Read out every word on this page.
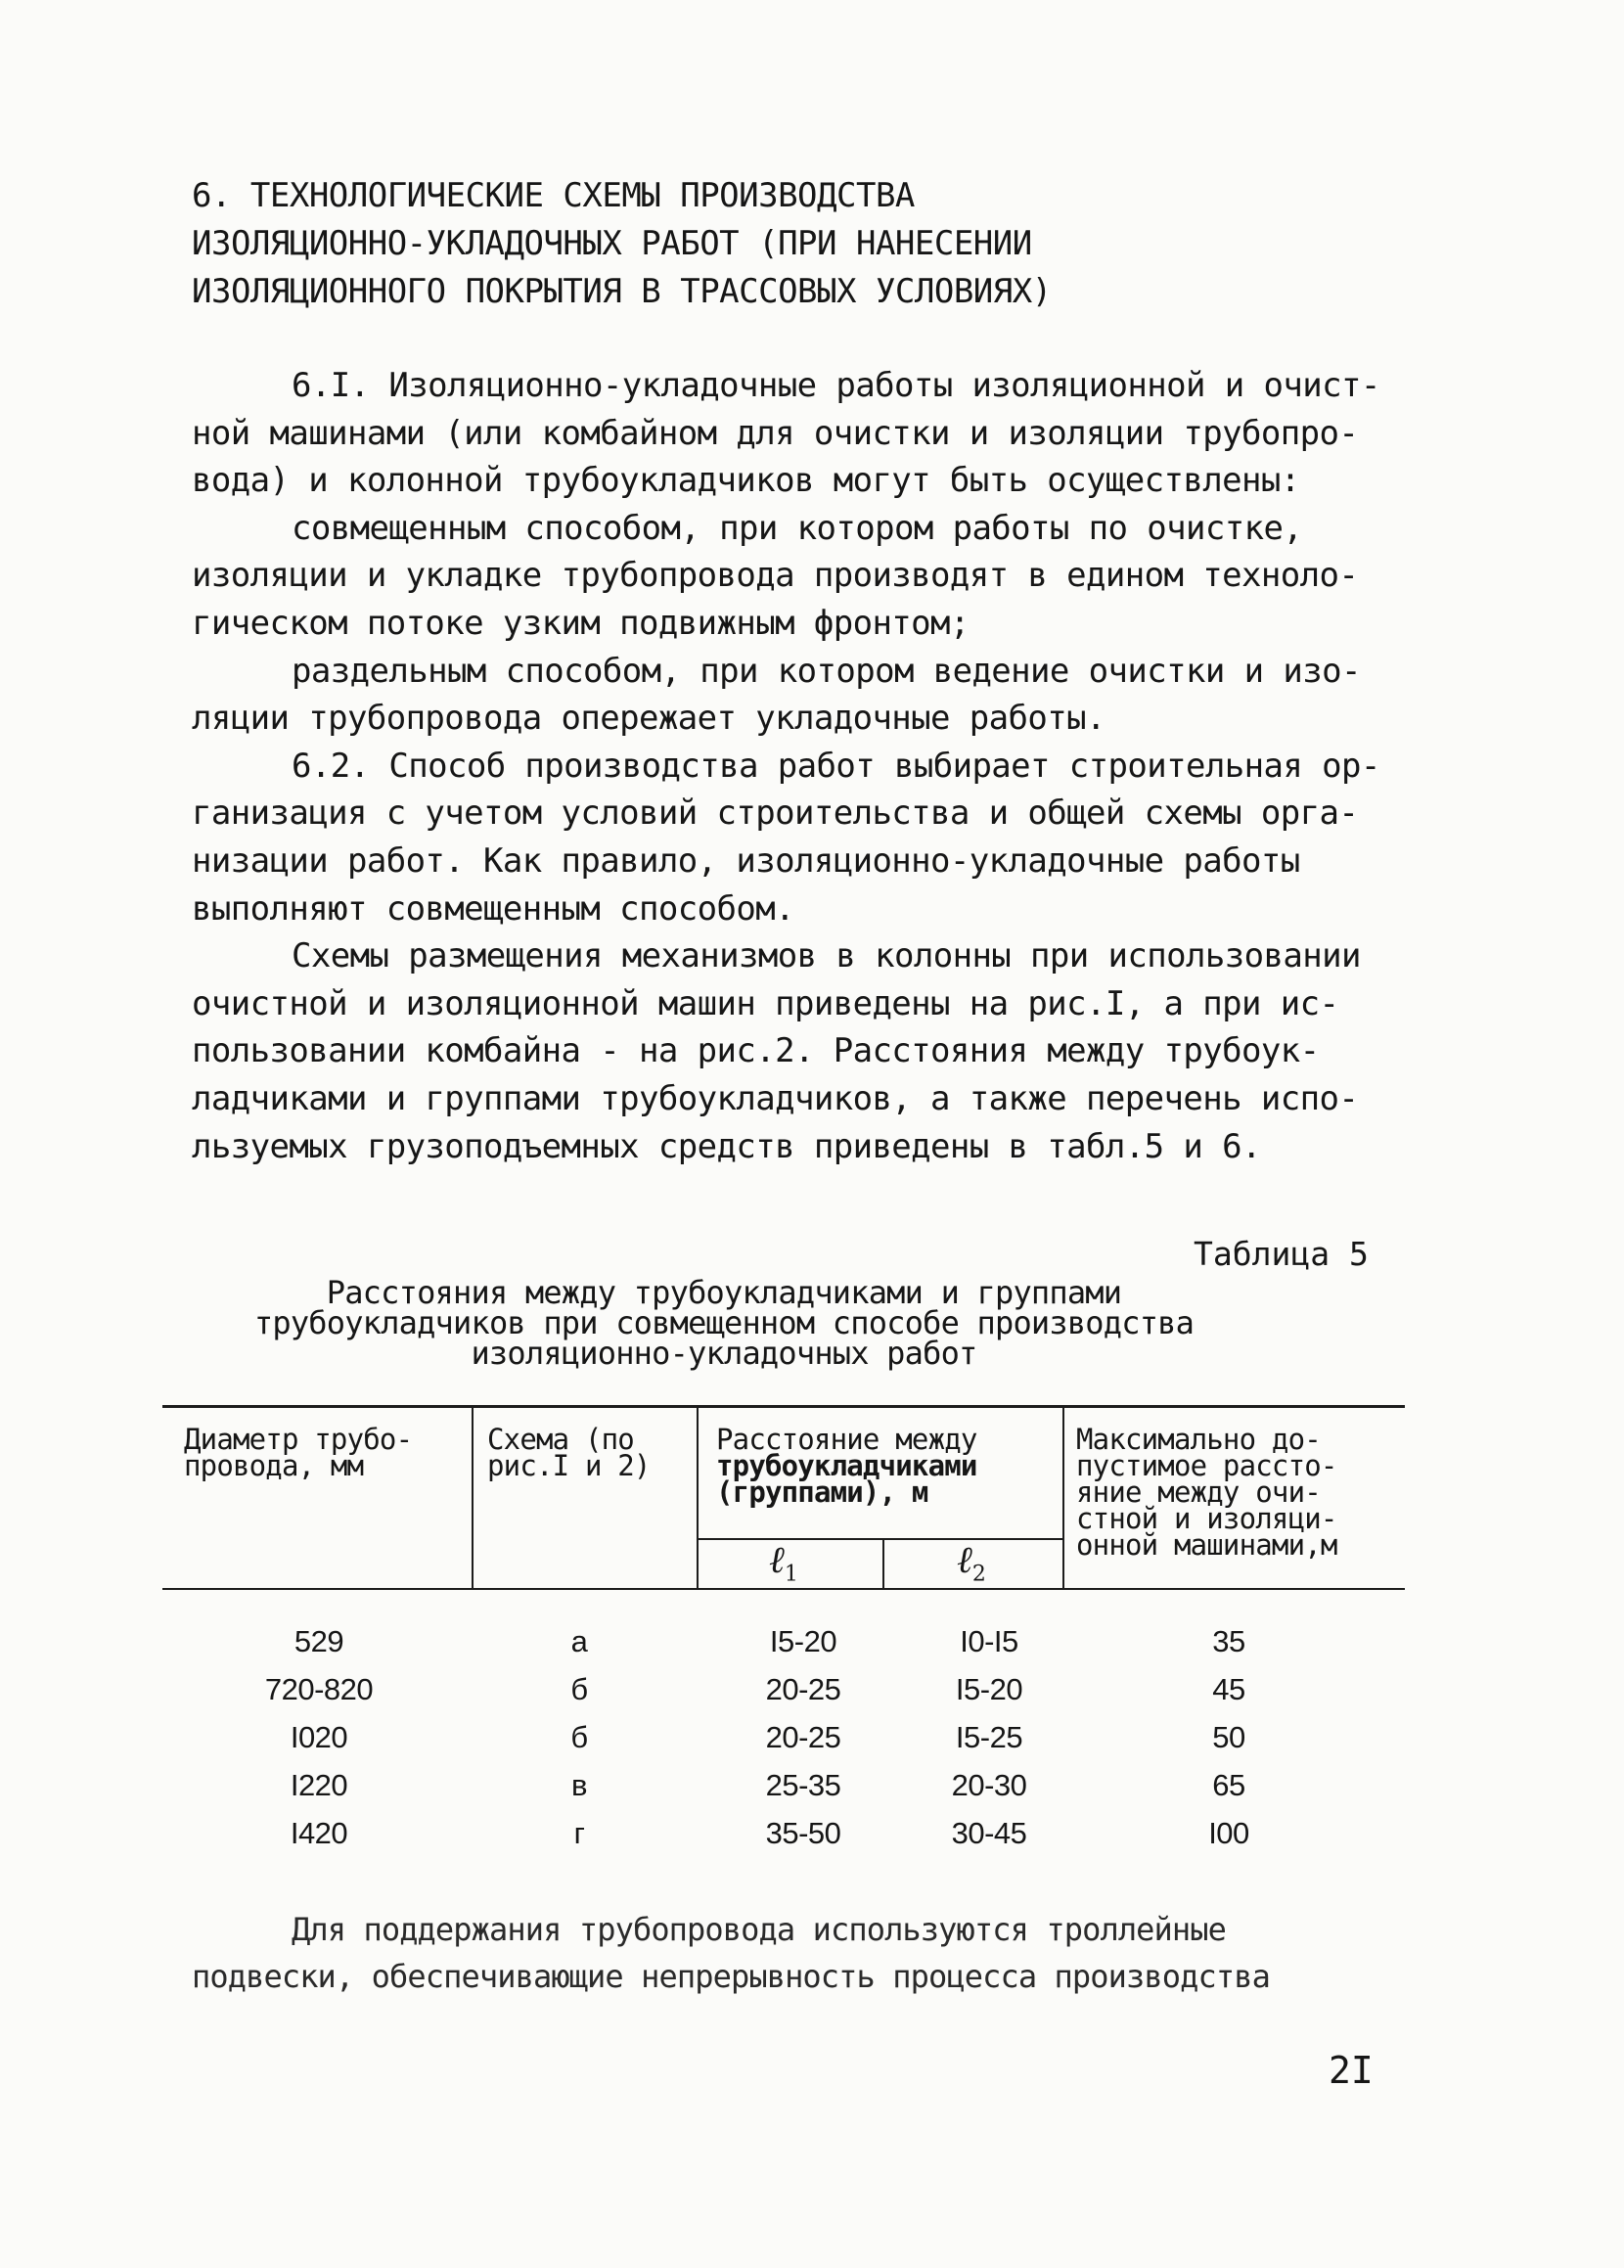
6. ТЕХНОЛОГИЧЕСКИЕ СХЕМЫ ПРОИЗВОДСТВА
ИЗОЛЯЦИОННО-УКЛАДОЧНЫХ РАБОТ (ПРИ НАНЕСЕНИИ
ИЗОЛЯЦИОННОГО ПОКРЫТИЯ В ТРАССОВЫХ УСЛОВИЯХ)
6.I. Изоляционно-укладочные работы изоляционной и очист-
ной машинами (или комбайном для очистки и изоляции трубопро-
вода) и колонной трубоукладчиков могут быть осуществлены:
совмещенным способом, при котором работы по очистке,
изоляции и укладке трубопровода производят в едином техноло-
гическом потоке узким подвижным фронтом;
раздельным способом, при котором ведение очистки и изо-
ляции трубопровода опережает укладочные работы.
6.2. Способ производства работ выбирает строительная ор-
ганизация с учетом условий строительства и общей схемы орга-
низации работ. Как правило, изоляционно-укладочные работы
выполняют совмещенным способом.
Схемы размещения механизмов в колонны при использовании
очистной и изоляционной машин приведены на рис.I, а при ис-
пользовании комбайна - на рис.2. Расстояния между трубоук-
ладчиками и группами трубоукладчиков, а также перечень испо-
льзуемых грузоподъемных средств приведены в табл.5 и 6.
Таблица 5
Расстояния между трубоукладчиками и группами
трубоукладчиков при совмещенном способе производства
изоляционно-укладочных работ
Диаметр трубо-
провода, мм
Схема (по
рис.I и 2)
Расстояние между
трубоукладчиками
(группами), м
ℓ$_1$	ℓ$_2$
Максимально до-
пустимое рассто-
яние между очи-
стной и изоляци-
онной машинами,м
529	а	I5-20	I0-I5	35
720-820	б	20-25	I5-20	45
I020	б	20-25	I5-25	50
I220	в	25-35	20-30	65
I420	г	35-50	30-45	I00
Для поддержания трубопровода используются троллейные
подвески, обеспечивающие непрерывность процесса производства
2I
